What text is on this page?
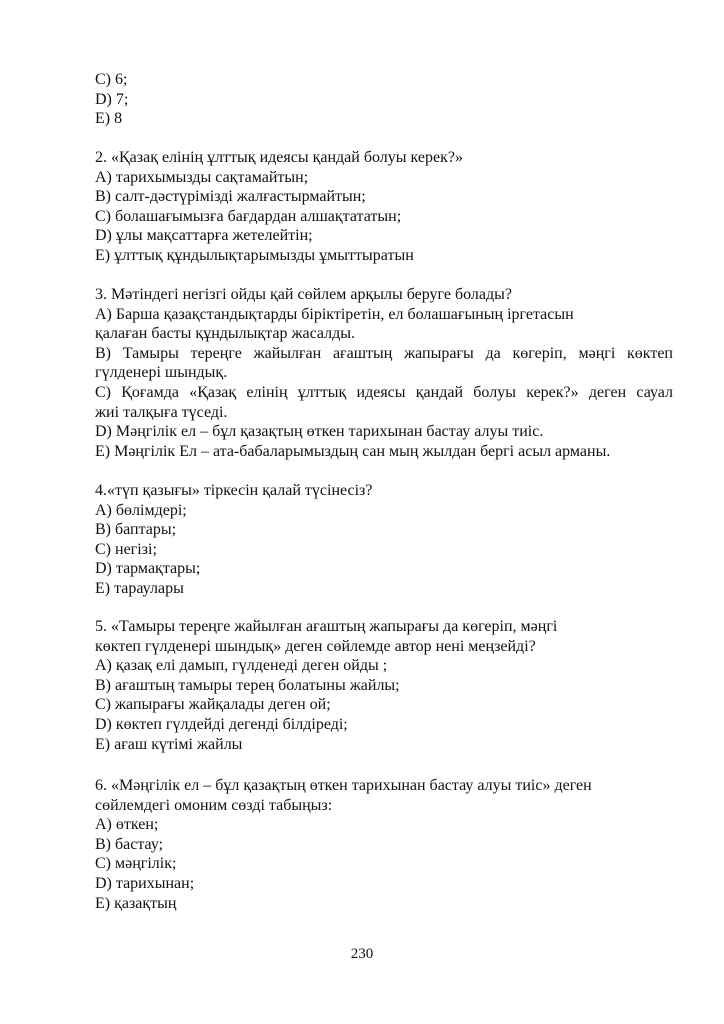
C) 6;
D) 7;
E) 8
2. «Қазақ елінің ұлттық идеясы қандай болуы керек?»
A) тарихымызды сақтамайтын;
B) салт-дәстүрімізді жалғастырмайтын;
C) болашағымызға бағдардан алшақтататын;
D) ұлы мақсаттарға жетелейтін;
E) ұлттық құндылықтарымызды ұмыттыратын
3. Мәтіндегі негізгі ойды қай сөйлем арқылы беруге болады?
A) Барша қазақстандықтарды біріктіретін, ел болашағының іргетасын
қалаған басты құндылықтар жасалды.
B) Тамыры тереңге жайылған ағаштың жапырағы да көгеріп, мәңгі көктеп
гүлденері шындық.
C) Қоғамда «Қазақ елінің ұлттық идеясы қандай болуы керек?» деген сауал
жиі талқыға түседі.
D) Мәңгілік ел – бұл қазақтың өткен тарихынан бастау алуы тиіс.
E) Мәңгілік Ел – ата-бабаларымыздың сан мың жылдан бергі асыл арманы.
4.«түп қазығы» тіркесін қалай түсінесіз?
A) бөлімдері;
B) баптары;
C) негізі;
D) тармақтары;
E) тараулары
5. «Тамыры тереңге жайылған ағаштың жапырағы да көгеріп, мәңгі
көктеп гүлденері шындық» деген сөйлемде автор нені меңзейді?
A) қазақ елі дамып, гүлденеді деген ойды ;
B) ағаштың тамыры терең болатыны жайлы;
C) жапырағы жайқалады деген ой;
D) көктеп гүлдейді дегенді білдіреді;
E) ағаш күтімі жайлы
6. «Мәңгілік ел – бұл қазақтың өткен тарихынан бастау алуы тиіс» деген
сөйлемдегі омоним сөзді табыңыз:
A) өткен;
B) бастау;
C) мәңгілік;
D) тарихынан;
E) қазақтың
230
